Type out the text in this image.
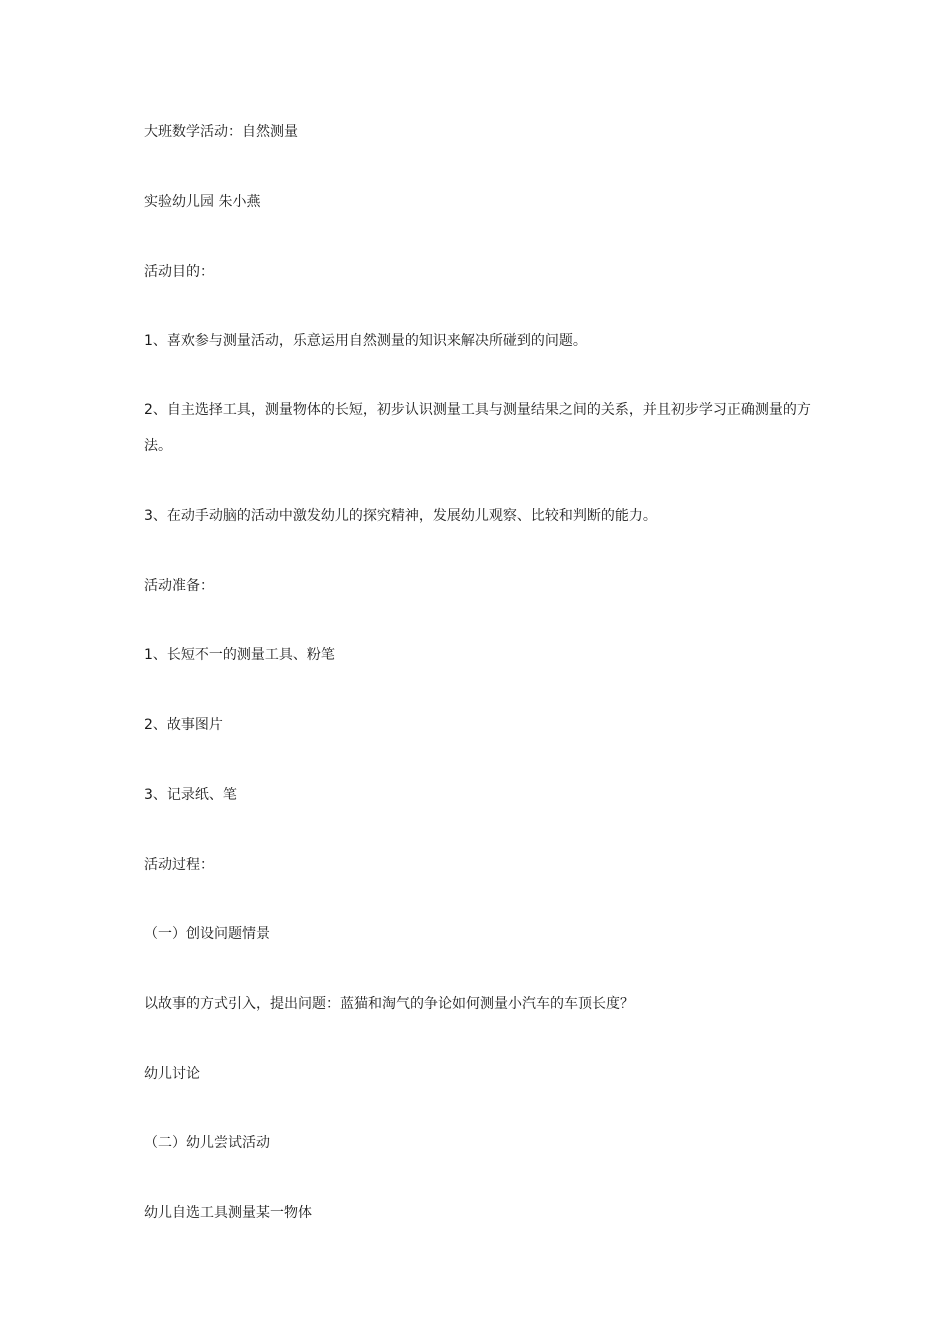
大班数学活动：自然测量

实验幼儿园 朱小燕

活动目的：

1、喜欢参与测量活动，乐意运用自然测量的知识来解决所碰到的问题。

2、自主选择工具，测量物体的长短，初步认识测量工具与测量结果之间的关系，并且初步学习正确测量的方法。

3、在动手动脑的活动中激发幼儿的探究精神，发展幼儿观察、比较和判断的能力。

活动准备：

1、长短不一的测量工具、粉笔

2、故事图片

3、记录纸、笔

活动过程：

（一）创设问题情景

以故事的方式引入，提出问题：蓝猫和淘气的争论如何测量小汽车的车顶长度？

幼儿讨论

（二）幼儿尝试活动

幼儿自选工具测量某一物体
